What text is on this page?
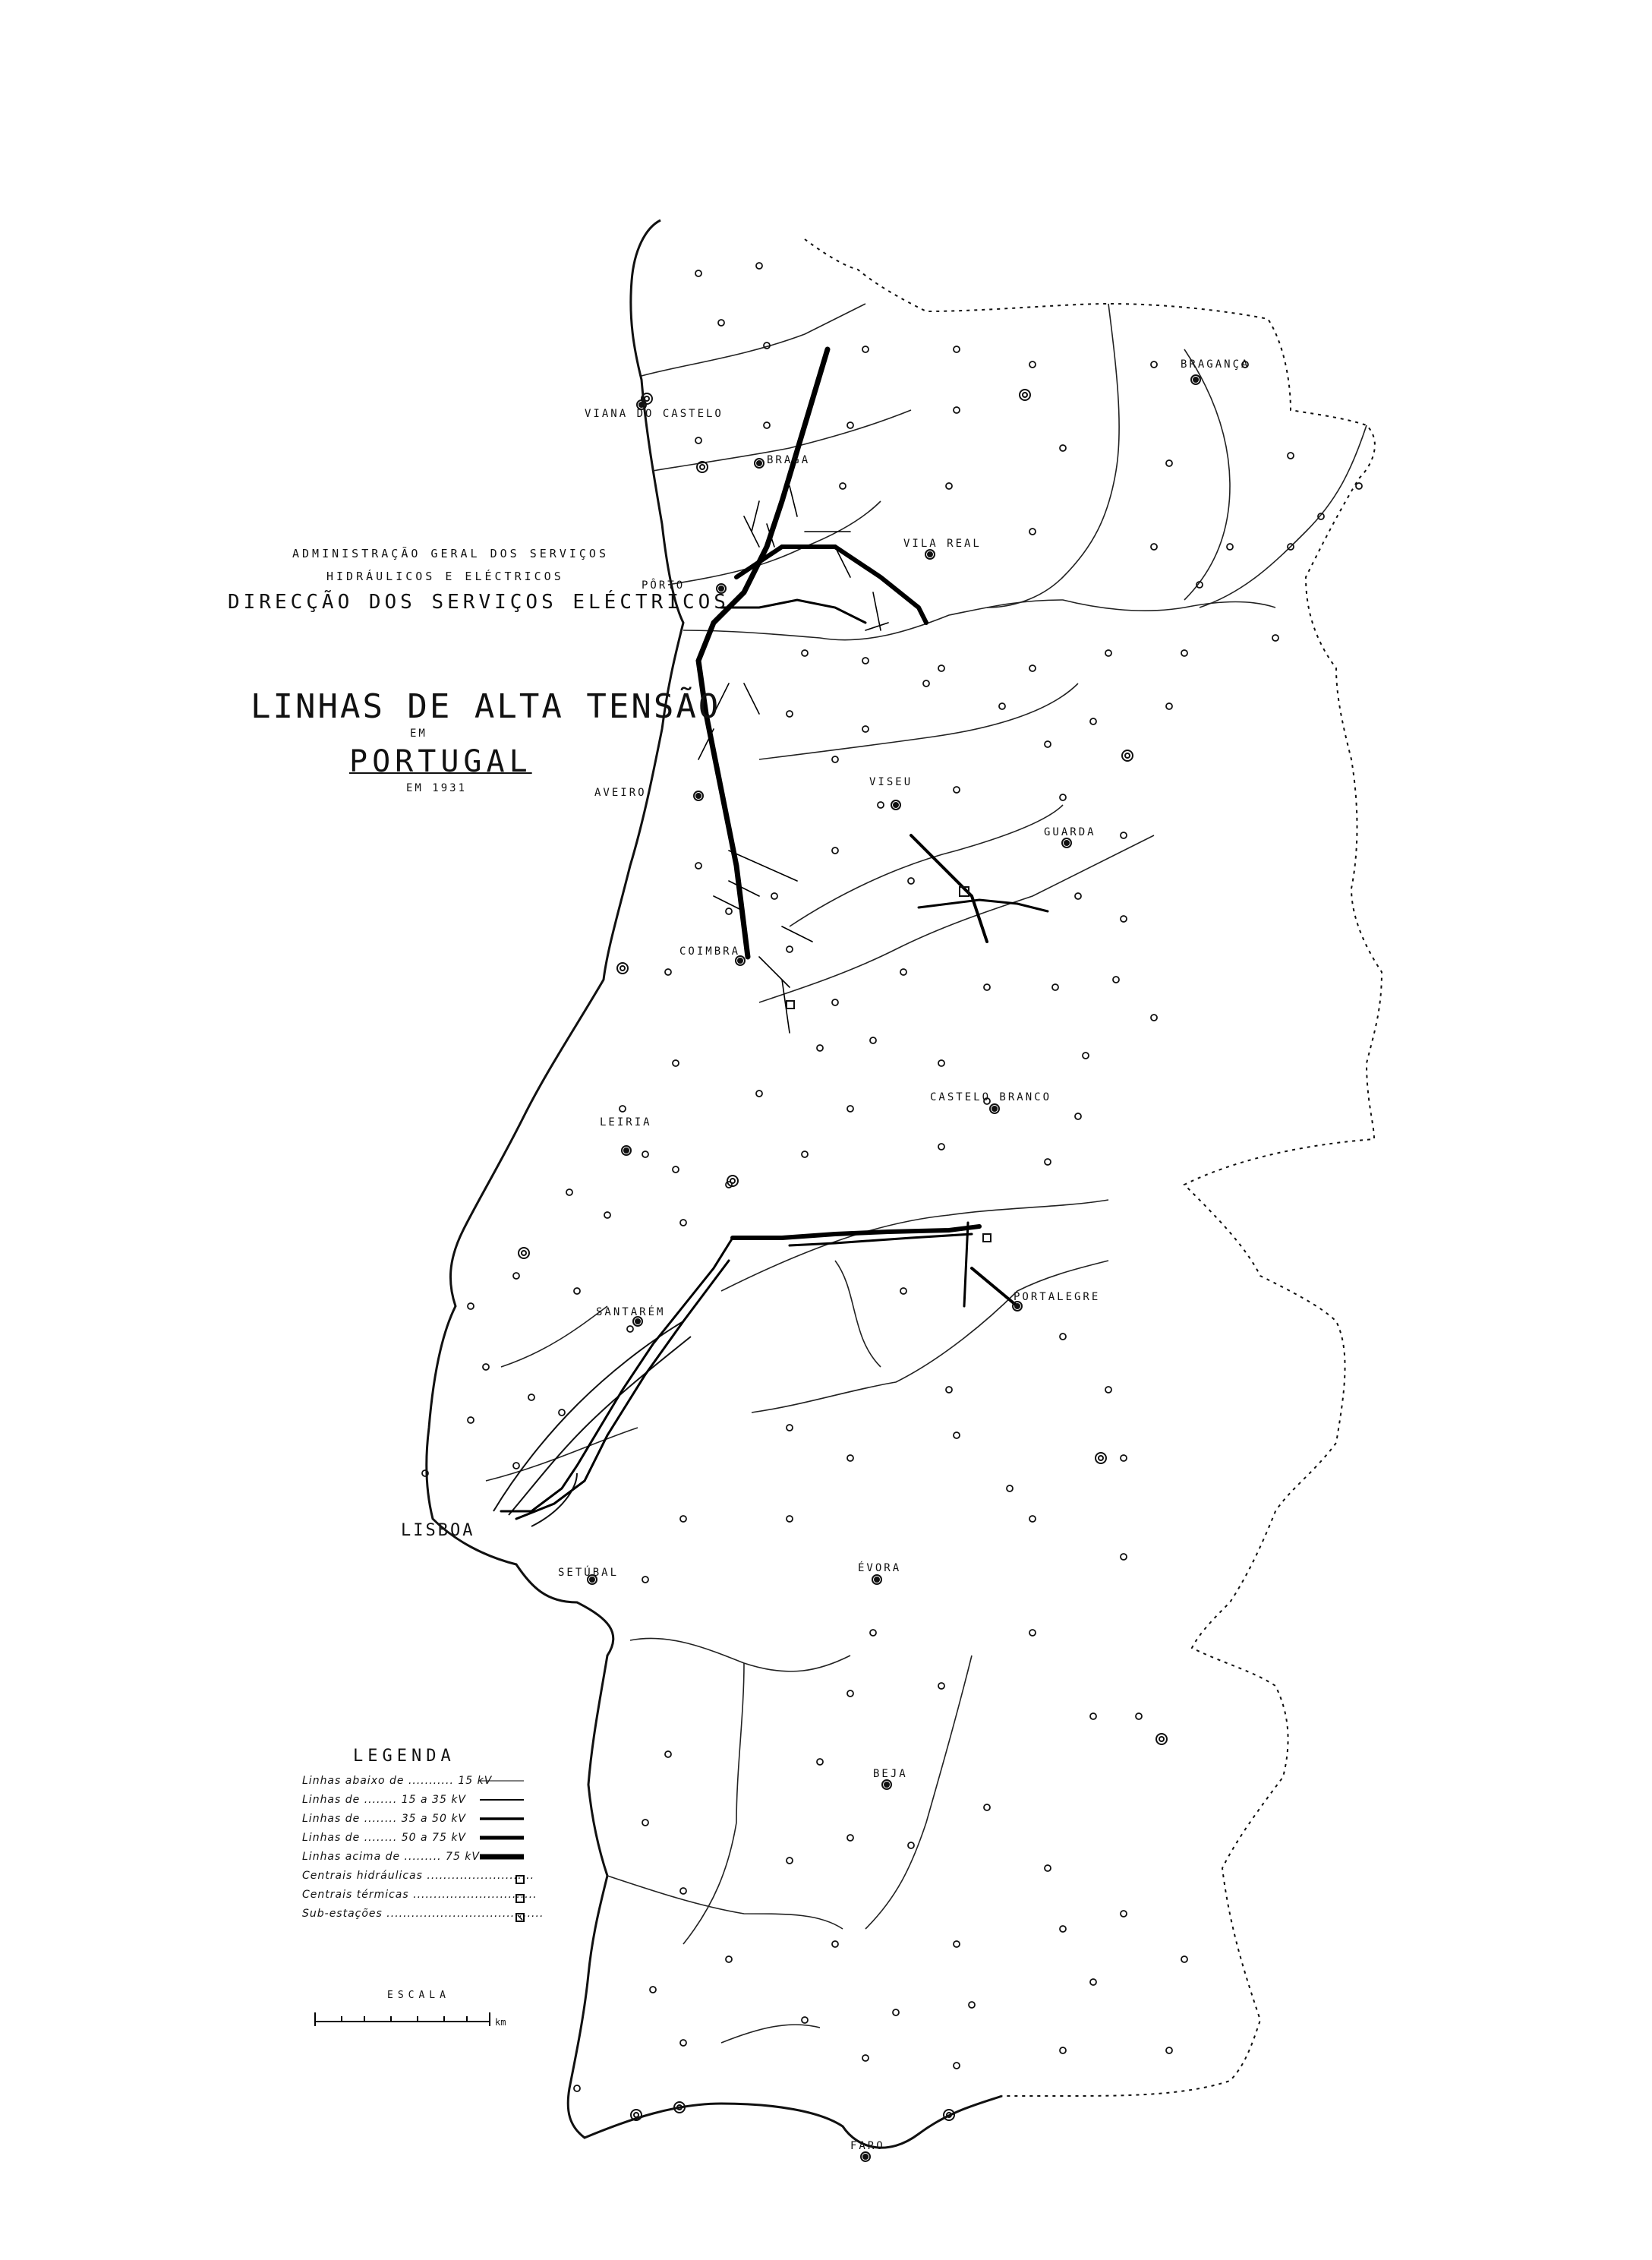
ADMINISTRAÇÃO GERAL DOS SERVIÇOS
HIDRÁULICOS E ELÉCTRICOS
DIRECÇÃO DOS SERVIÇOS ELÉCTRICOS
LINHAS DE ALTA TENSÃO
EM
PORTUGAL
EM 1931
VIANA DO CASTELO
BRAGA
BRAGANÇA
VILA REAL
PÔRTO
AVEIRO
VISEU
GUARDA
COIMBRA
CASTELO BRANCO
LEIRIA
SANTARÉM
PORTALEGRE
LISBOA
SETÚBAL	ÉVORA
BEJA
FARO
LEGENDA
Linhas abaixo de ........... 15 kV
Linhas de ........ 15 a 35 kV
Linhas de ........ 35 a 50 kV
Linhas de ........ 50 a 75 kV
Linhas acima de ......... 75 kV
Centrais hidráulicas ..........................
Centrais térmicas ..............................
Sub-estações ......................................
ESCALA
km
